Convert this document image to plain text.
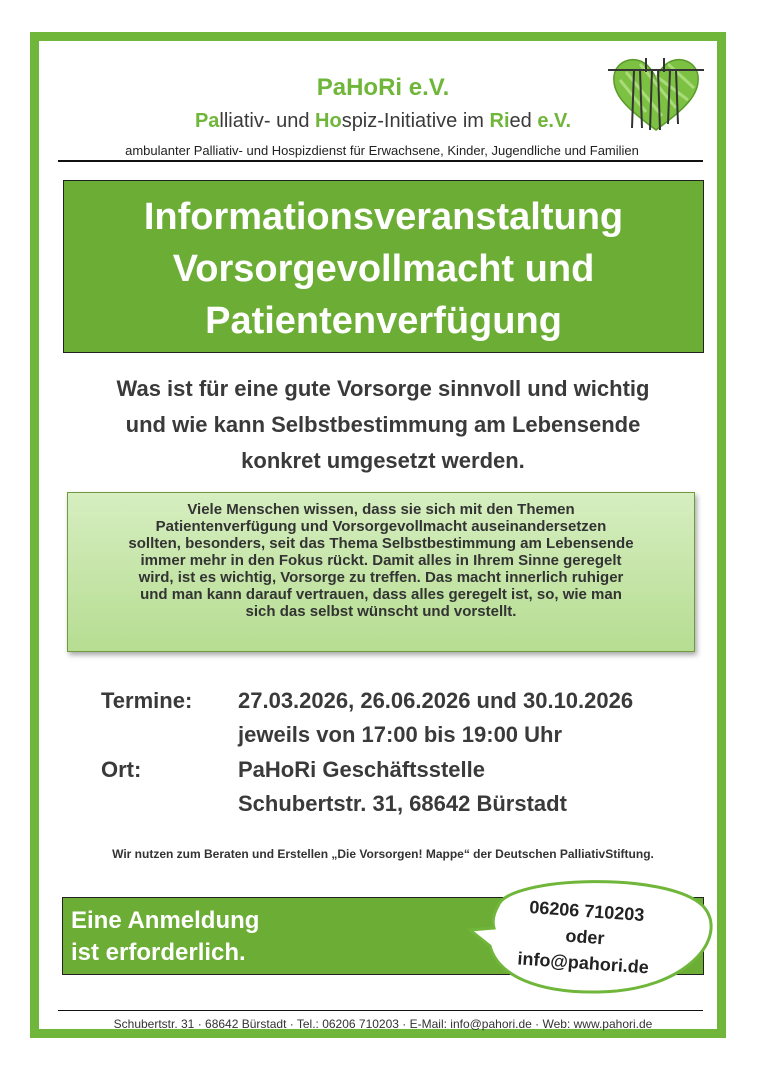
PaHoRi e.V.
Palliativ- und Hospiz-Initiative im Ried e.V.
ambulanter Palliativ- und Hospizdienst für Erwachsene, Kinder, Jugendliche und Familien
Informationsveranstaltung
Vorsorgevollmacht und
Patientenverfügung
Was ist für eine gute Vorsorge sinnvoll und wichtig
und wie kann Selbstbestimmung am Lebensende
konkret umgesetzt werden.
Viele Menschen wissen, dass sie sich mit den Themen
Patientenverfügung und Vorsorgevollmacht auseinandersetzen
sollten, besonders, seit das Thema Selbstbestimmung am Lebensende
immer mehr in den Fokus rückt. Damit alles in Ihrem Sinne geregelt
wird, ist es wichtig, Vorsorge zu treffen. Das macht innerlich ruhiger
und man kann darauf vertrauen, dass alles geregelt ist, so, wie man
sich das selbst wünscht und vorstellt.
Termine: 27.03.2026, 26.06.2026 und 30.10.2026
jeweils von 17:00 bis 19:00 Uhr
Ort:	PaHoRi Geschäftsstelle
Schubertstr. 31, 68642 Bürstadt
Wir nutzen zum Beraten und Erstellen „Die Vorsorgen! Mappe“ der Deutschen PalliativStiftung.
Eine Anmeldung
ist erforderlich.
06206 710203
oder
info@pahori.de
Schubertstr. 31 · 68642 Bürstadt · Tel.: 06206 710203 · E-Mail: info@pahori.de · Web: www.pahori.de
